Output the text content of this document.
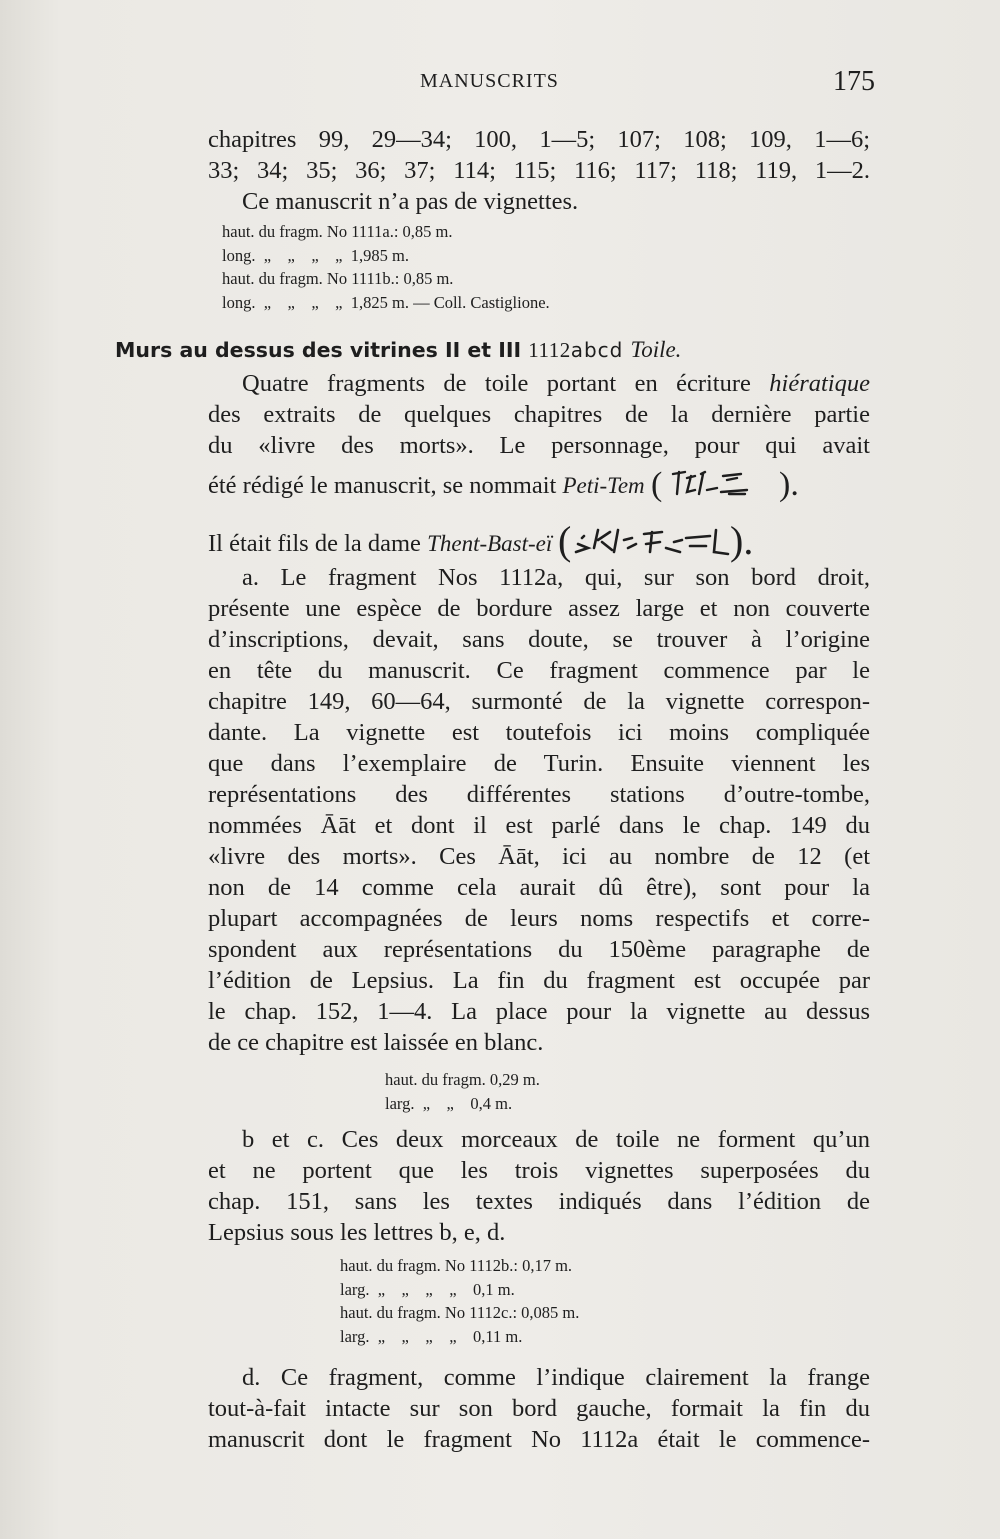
MANUSCRITS	175
chapitres 99, 29—34; 100, 1—5; 107; 108; 109, 1—6;
33; 34; 35; 36; 37; 114; 115; 116; 117; 118; 119, 1—2.
Ce manuscrit n’a pas de vignettes.
haut. du fragm. No 1111a.: 0,85 m.
long.  „    „    „    „  1,985 m.
haut. du fragm. No 1111b.: 0,85 m.
long.  „    „    „    „  1,825 m. — Coll. Castiglione.
Murs au dessus des vitrines II et III 1112abcd Toile.
Quatre fragments de toile portant en écriture hiératique
des extraits de quelques chapitres de la dernière partie
du «livre des morts». Le personnage, pour qui avait
été rédigé le manuscrit, se nommait Peti-Tem (	).
Il était fils de la dame Thent-Bast-eï (	).
a. Le fragment Nos 1112a, qui, sur son bord droit,
présente une espèce de bordure assez large et non couverte
d’inscriptions, devait, sans doute, se trouver à l’origine
en tête du manuscrit. Ce fragment commence par le
chapitre 149, 60—64, surmonté de la vignette correspon-
dante. La vignette est toutefois ici moins compliquée
que dans l’exemplaire de Turin. Ensuite viennent les
représentations des différentes stations d’outre-tombe,
nommées Āāt et dont il est parlé dans le chap. 149 du
«livre des morts». Ces Āāt, ici au nombre de 12 (et
non de 14 comme cela aurait dû être), sont pour la
plupart accompagnées de leurs noms respectifs et corre-
spondent aux représentations du 150ème paragraphe de
l’édition de Lepsius. La fin du fragment est occupée par
le chap. 152, 1—4. La place pour la vignette au dessus
de ce chapitre est laissée en blanc.
haut. du fragm. 0,29 m.
larg.  „    „    0,4 m.
b et c. Ces deux morceaux de toile ne forment qu’un
et ne portent que les trois vignettes superposées du
chap. 151, sans les textes indiqués dans l’édition de
Lepsius sous les lettres b, e, d.
haut. du fragm. No 1112b.: 0,17 m.
larg.  „    „    „    „    0,1 m.
haut. du fragm. No 1112c.: 0,085 m.
larg.  „    „    „    „    0,11 m.
d. Ce fragment, comme l’indique clairement la frange
tout-à-fait intacte sur son bord gauche, formait la fin du
manuscrit dont le fragment No 1112a était le commence-
